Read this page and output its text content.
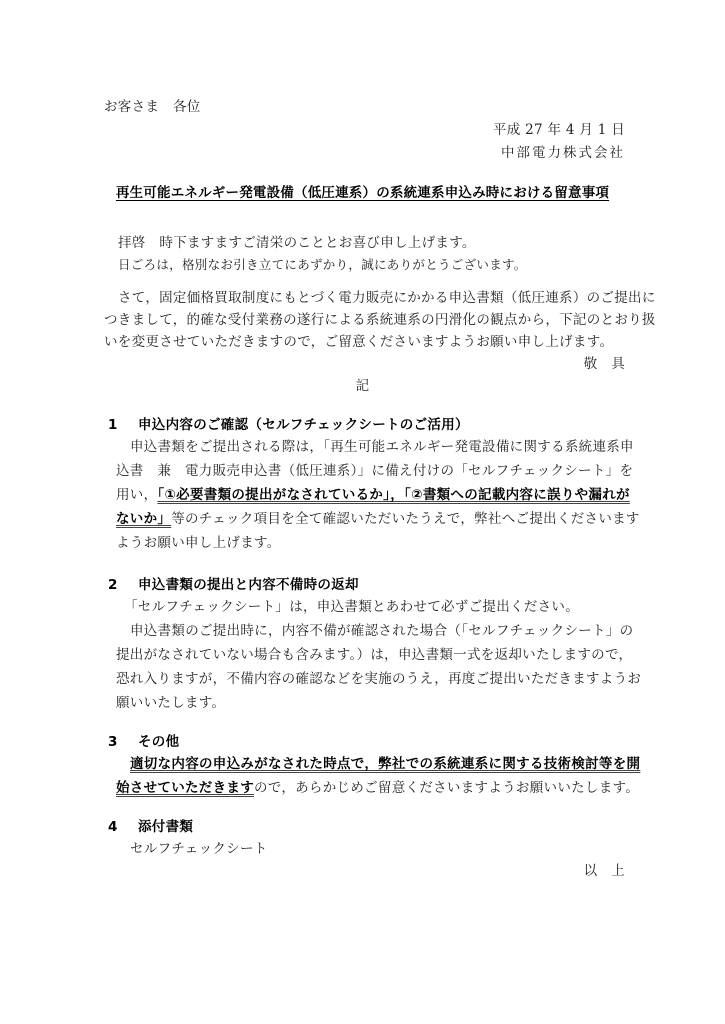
お客さま　各位
平成 27 年 4 月 1 日
中部電力株式会社
再生可能エネルギー発電設備（低圧連系）の系統連系申込み時における留意事項
拝啓　時下ますますご清栄のこととお喜び申し上げます。
日ごろは，格別なお引き立てにあずかり，誠にありがとうございます。
さて，固定価格買取制度にもとづく電力販売にかかる申込書類（低圧連系）のご提出に
つきまして，的確な受付業務の遂行による系統連系の円滑化の観点から，下記のとおり扱
いを変更させていただきますので，ご留意くださいますようお願い申し上げます。
敬　具
記
1 申込内容のご確認（セルフチェックシートのご活用）
申込書類をご提出される際は，「再生可能エネルギー発電設備に関する系統連系申
込書　兼　電力販売申込書（低圧連系）」に備え付けの「セルフチェックシート」を
用い，「①必要書類の提出がなされているか」，「②書類への記載内容に誤りや漏れが
ないか」等のチェック項目を全て確認いただいたうえで，弊社へご提出くださいます
ようお願い申し上げます。
2 申込書類の提出と内容不備時の返却
「セルフチェックシート」は，申込書類とあわせて必ずご提出ください。
申込書類のご提出時に，内容不備が確認された場合（「セルフチェックシート」の
提出がなされていない場合も含みます。）は，申込書類一式を返却いたしますので，
恐れ入りますが，不備内容の確認などを実施のうえ，再度ご提出いただきますようお
願いいたします。
3 その他
適切な内容の申込みがなされた時点で，弊社での系統連系に関する技術検討等を開
始させていただきますので，あらかじめご留意くださいますようお願いいたします。
4 添付書類
セルフチェックシート
以　上
